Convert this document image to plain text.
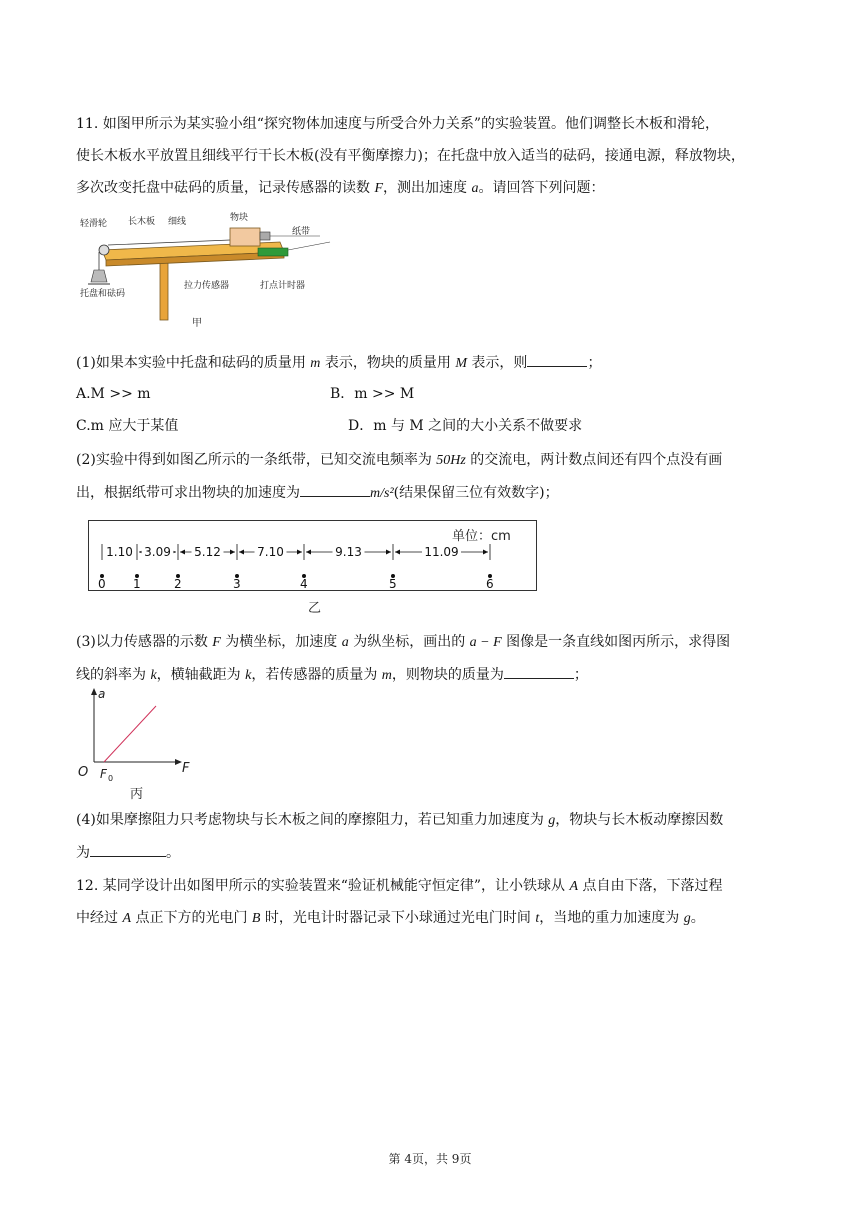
11. 如图甲所示为某实验小组“探究物体加速度与所受合外力关系”的实验装置。他们调整长木板和滑轮，
使长木板水平放置且细线平行干长木板(没有平衡摩擦力)；在托盘中放入适当的砝码，接通电源，释放物块，
多次改变托盘中砝码的质量，记录传感器的读数 F，测出加速度 a。请回答下列问题：
轻滑轮 长木板 细线	物块
纸带
托盘和砝码
拉力传感器	打点计时器
甲
(1)如果本实验中托盘和砝码的质量用 m 表示，物块的质量用 M 表示，则	；
A.M >> m	B．m >> M
C.m 应大于某值	D．m 与 M 之间的大小关系不做要求
(2)实验中得到如图乙所示的一条纸带，已知交流电频率为 50Hz 的交流电，两计数点间还有四个点没有画
出，根据纸带可求出物块的加速度为	m/s²(结果保留三位有效数字)；
单位：cm
0 1	2	3	4	5	6
1.10 3.09 5.12	7.10	9.13	11.09
乙
(3)以力传感器的示数 F 为横坐标，加速度 a 为纵坐标，画出的 a − F 图像是一条直线如图丙所示，求得图
线的斜率为 k，横轴截距为 k，若传感器的质量为 m，则物块的质量为	；
a
F
O F 0
丙
(4)如果摩擦阻力只考虑物块与长木板之间的摩擦阻力，若已知重力加速度为 g，物块与长木板动摩擦因数
为	。
12. 某同学设计出如图甲所示的实验装置来“验证机械能守恒定律”，让小铁球从 A 点自由下落，下落过程
中经过 A 点正下方的光电门 B 时，光电计时器记录下小球通过光电门时间 t，当地的重力加速度为 g。
第 4页，共 9页
